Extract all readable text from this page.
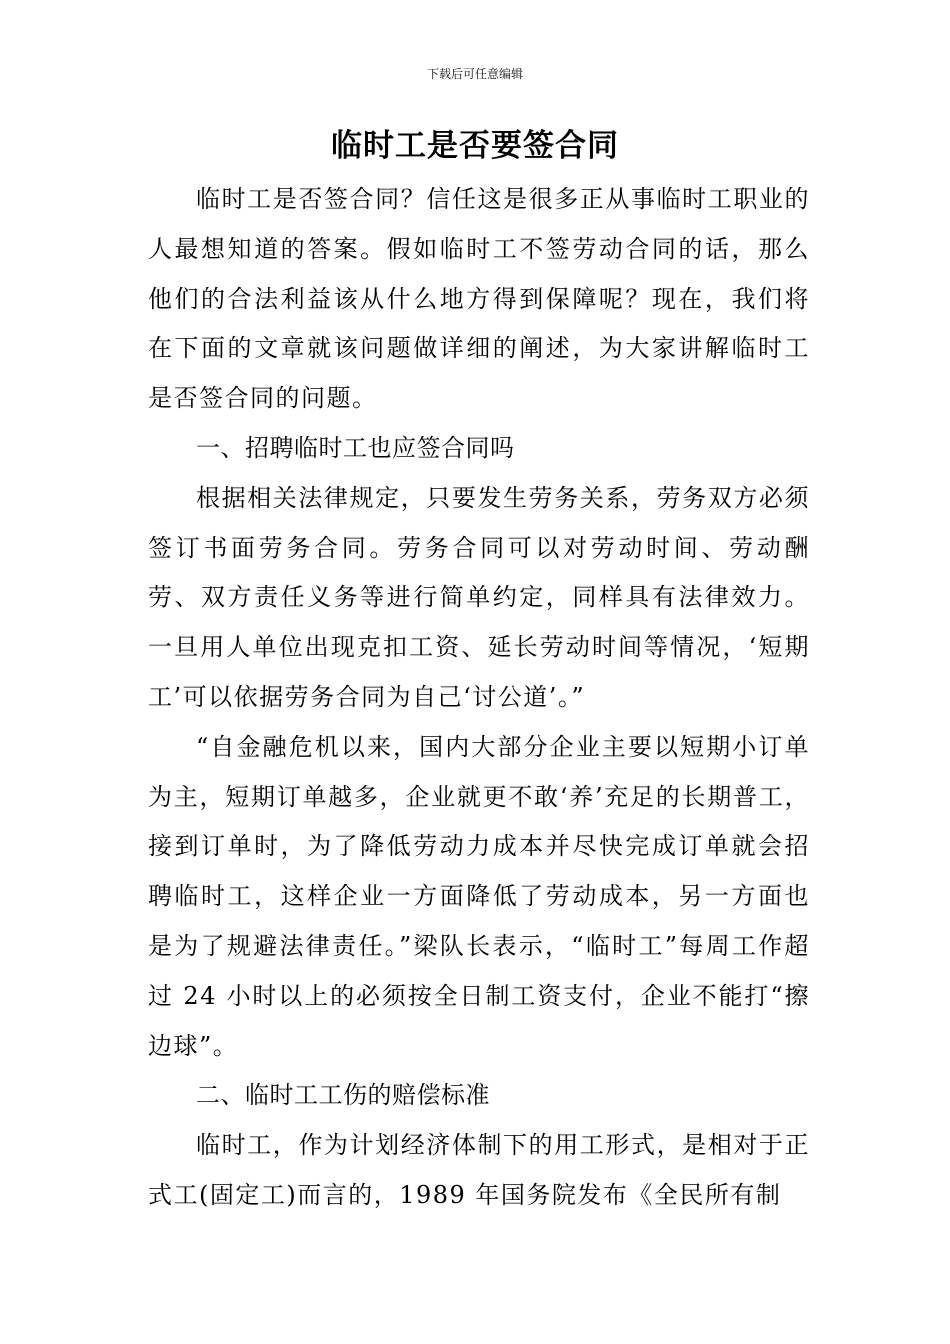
下载后可任意编辑
临时工是否要签合同

临时工是否签合同？信任这是很多正从事临时工职业的人最想知道的答案。假如临时工不签劳动合同的话，那么他们的合法利益该从什么地方得到保障呢？现在，我们将在下面的文章就该问题做详细的阐述，为大家讲解临时工是否签合同的问题。

一、招聘临时工也应签合同吗

根据相关法律规定，只要发生劳务关系，劳务双方必须签订书面劳务合同。劳务合同可以对劳动时间、劳动酬劳、双方责任义务等进行简单约定，同样具有法律效力。一旦用人单位出现克扣工资、延长劳动时间等情况，‘短期工’可以依据劳务合同为自己‘讨公道’。”

“自金融危机以来，国内大部分企业主要以短期小订单为主，短期订单越多，企业就更不敢‘养’充足的长期普工，接到订单时，为了降低劳动力成本并尽快完成订单就会招聘临时工，这样企业一方面降低了劳动成本，另一方面也是为了规避法律责任。”梁队长表示，“临时工”每周工作超过 24 小时以上的必须按全日制工资支付，企业不能打“擦边球”。

二、临时工工伤的赔偿标准

临时工，作为计划经济体制下的用工形式，是相对于正式工(固定工)而言的，1989 年国务院发布《全民所有制
